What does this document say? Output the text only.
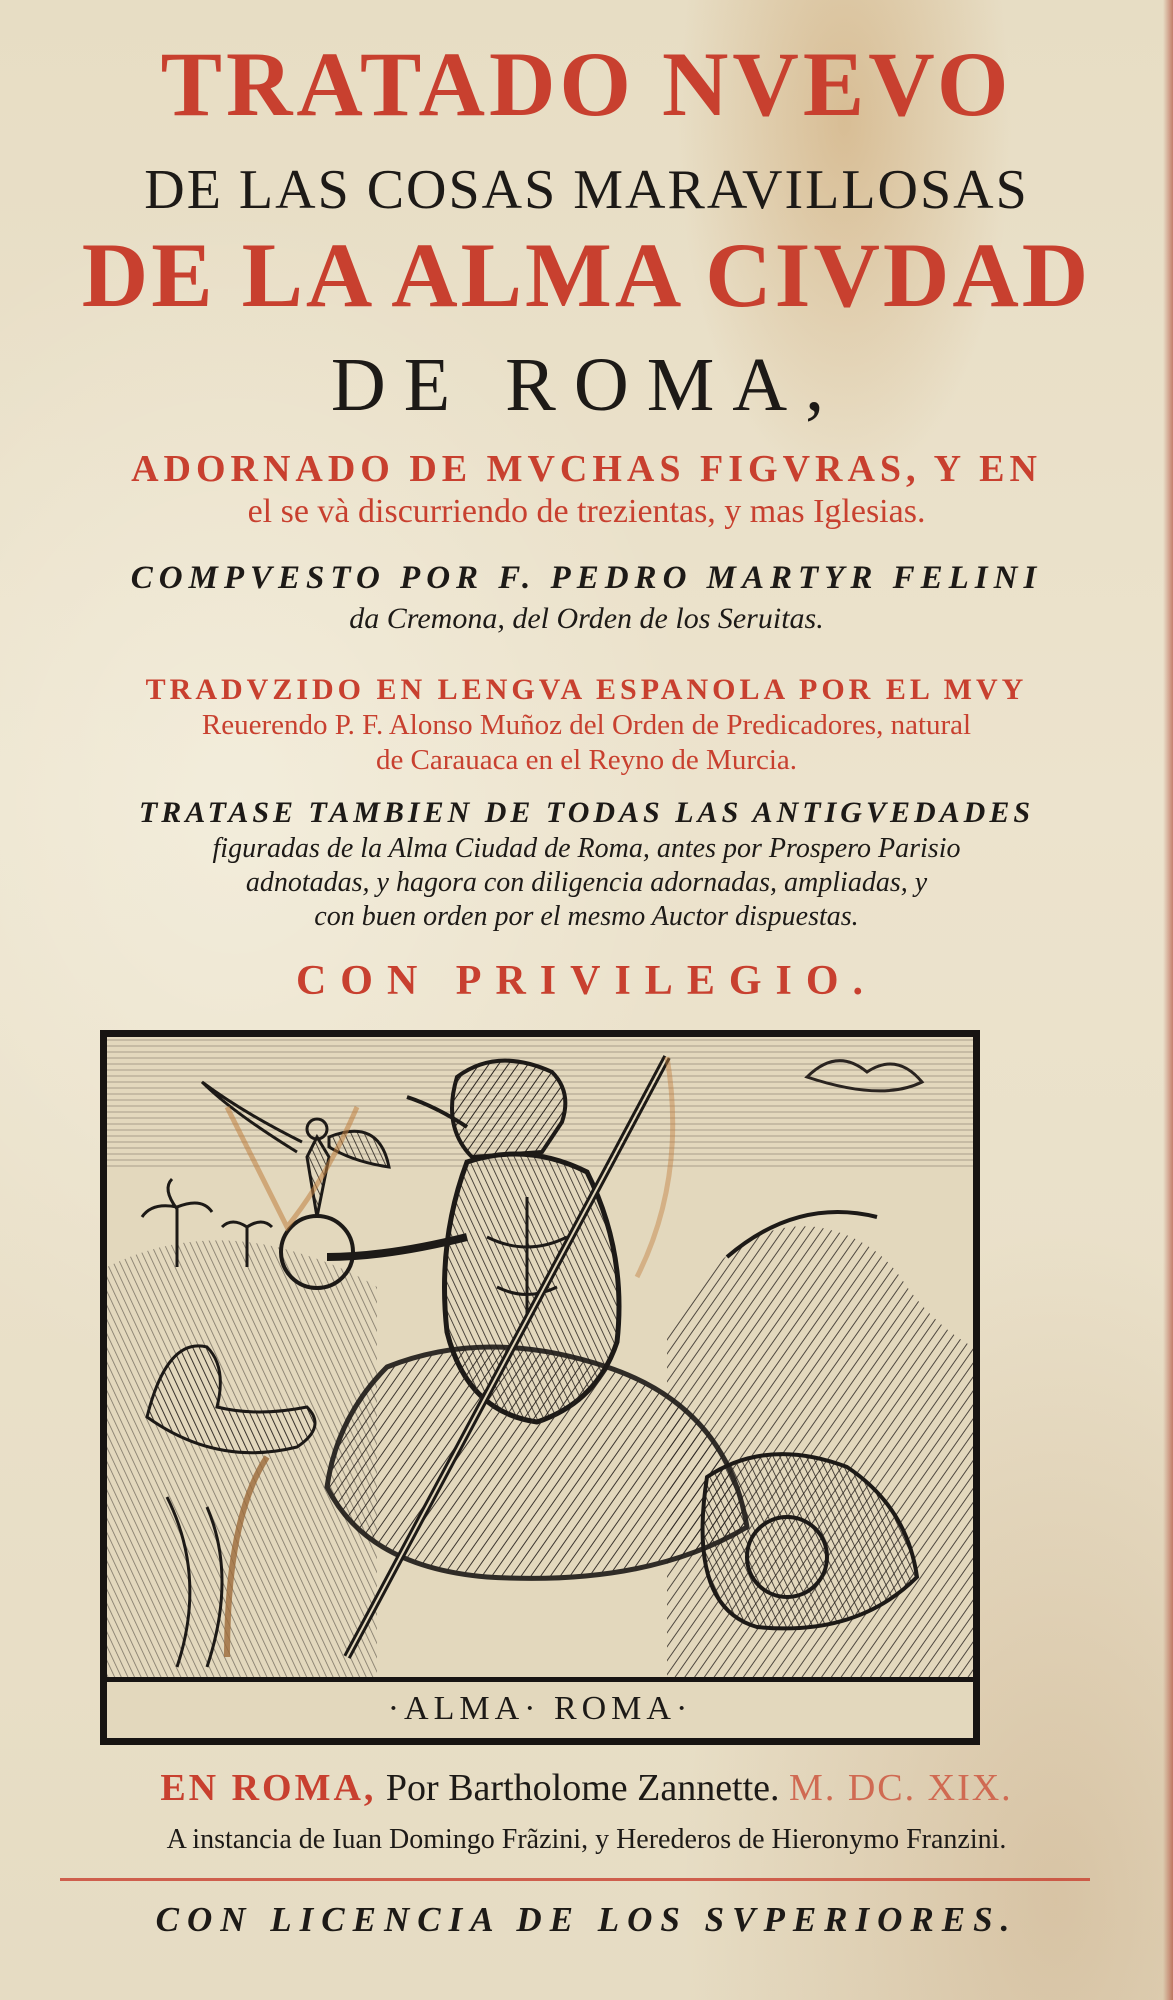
TRATADO NVEVO
DE LAS COSAS MARAVILLOSAS
DE LA ALMA CIVDAD
DE ROMA,
ADORNADO DE MVCHAS FIGVRAS, Y EN
el se và discurriendo de trezientas, y mas Iglesias.
COMPVESTO POR F. PEDRO MARTYR FELINI
da Cremona, del Orden de los Seruitas.
TRADVZIDO EN LENGVA ESPANOLA POR EL MVY
Reuerendo P. F. Alonso Muñoz del Orden de Predicadores, natural
de Carauaca en el Reyno de Murcia.
TRATASE TAMBIEN DE TODAS LAS ANTIGVEDADES
figuradas de la Alma Ciudad de Roma, antes por Prospero Parisio
adnotadas, y hagora con diligencia adornadas, ampliadas, y
con buen orden por el mesmo Auctor dispuestas.
CON PRIVILEGIO.
·ALMA· ROMA·
EN ROMA, Por Bartholome Zannette. M. DC. XIX.
A instancia de Iuan Domingo Frãzini, y Herederos de Hieronymo Franzini.
CON LICENCIA DE LOS SVPERIORES.
